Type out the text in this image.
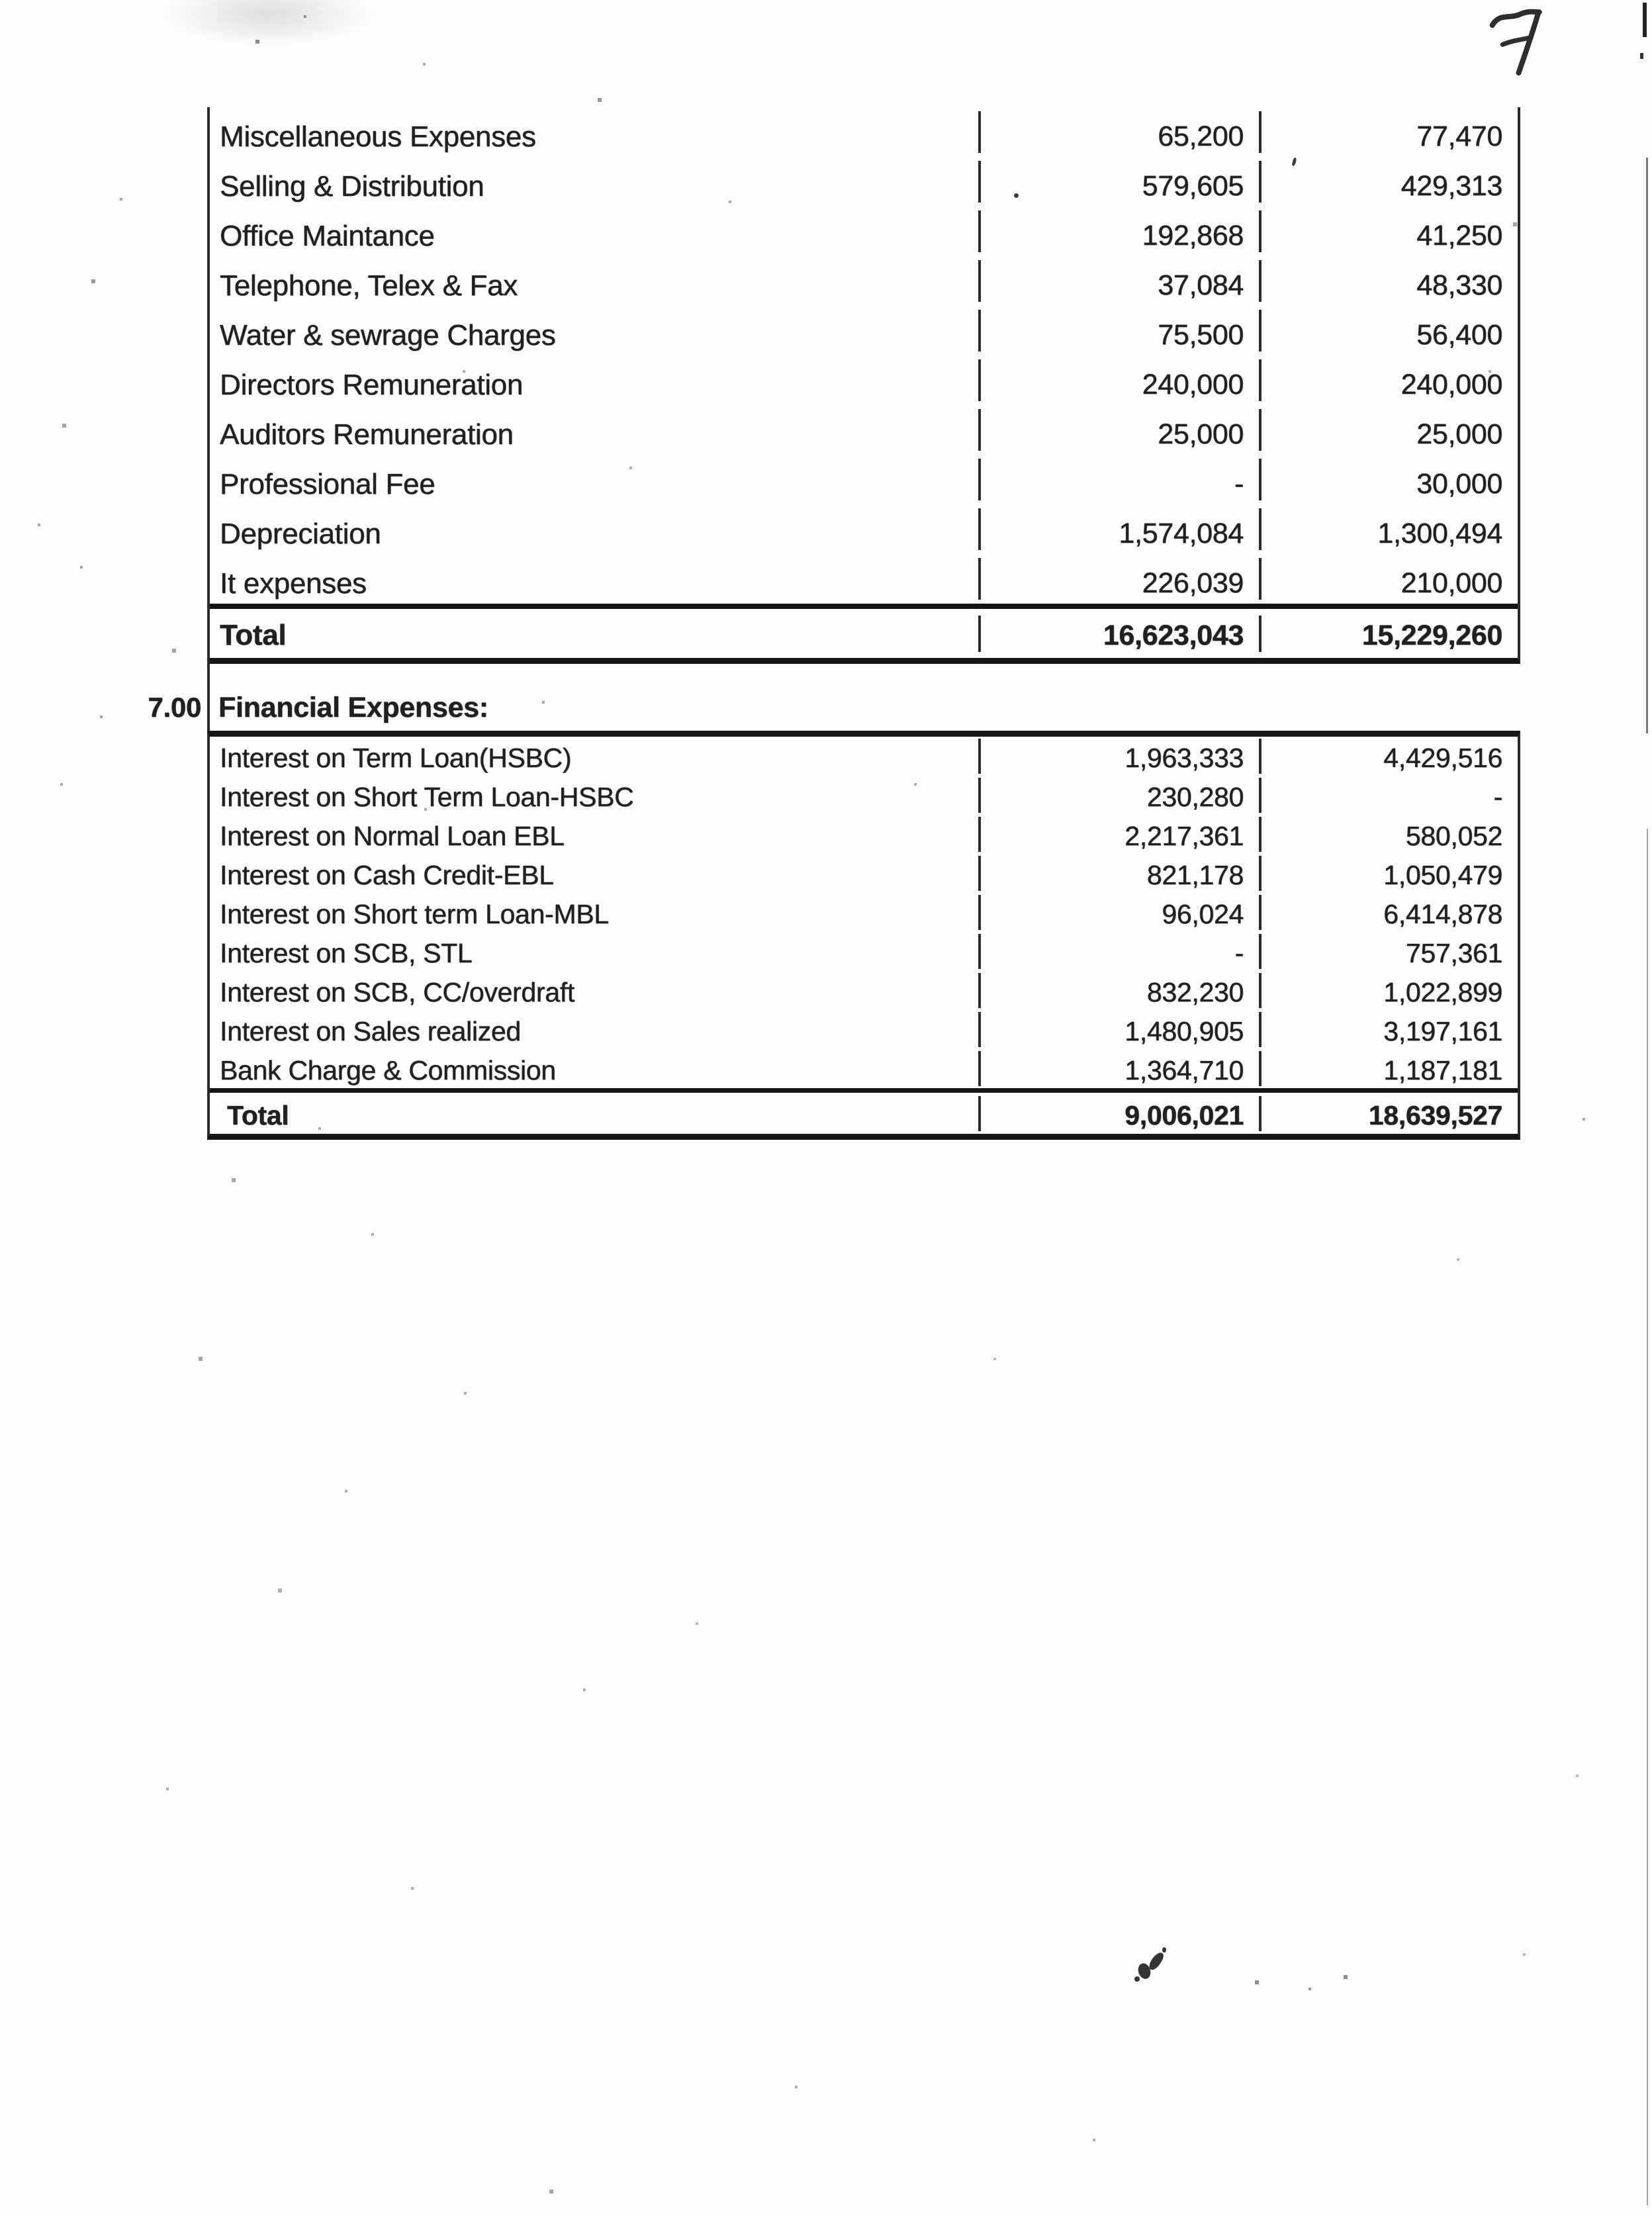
Miscellaneous Expenses	65,200	77,470
Selling & Distribution	579,605	429,313
Office Maintance	192,868	41,250
Telephone, Telex & Fax	37,084	48,330
Water & sewrage Charges	75,500	56,400
Directors Remuneration	240,000	240,000
Auditors Remuneration	25,000	25,000
Professional Fee	-	30,000
Depreciation	1,574,084	1,300,494
It expenses	226,039	210,000
Total	16,623,043	15,229,260
7.00 Financial Expenses:
Interest on Term Loan(HSBC)	1,963,333	4,429,516
Interest on Short Term Loan-HSBC	230,280	-
Interest on Normal Loan EBL	2,217,361	580,052
Interest on Cash Credit-EBL	821,178	1,050,479
Interest on Short term Loan-MBL	96,024	6,414,878
Interest on SCB, STL	-	757,361
Interest on SCB, CC/overdraft	832,230	1,022,899
Interest on Sales realized	1,480,905	3,197,161
Bank Charge & Commission	1,364,710	1,187,181
Total	9,006,021	18,639,527
